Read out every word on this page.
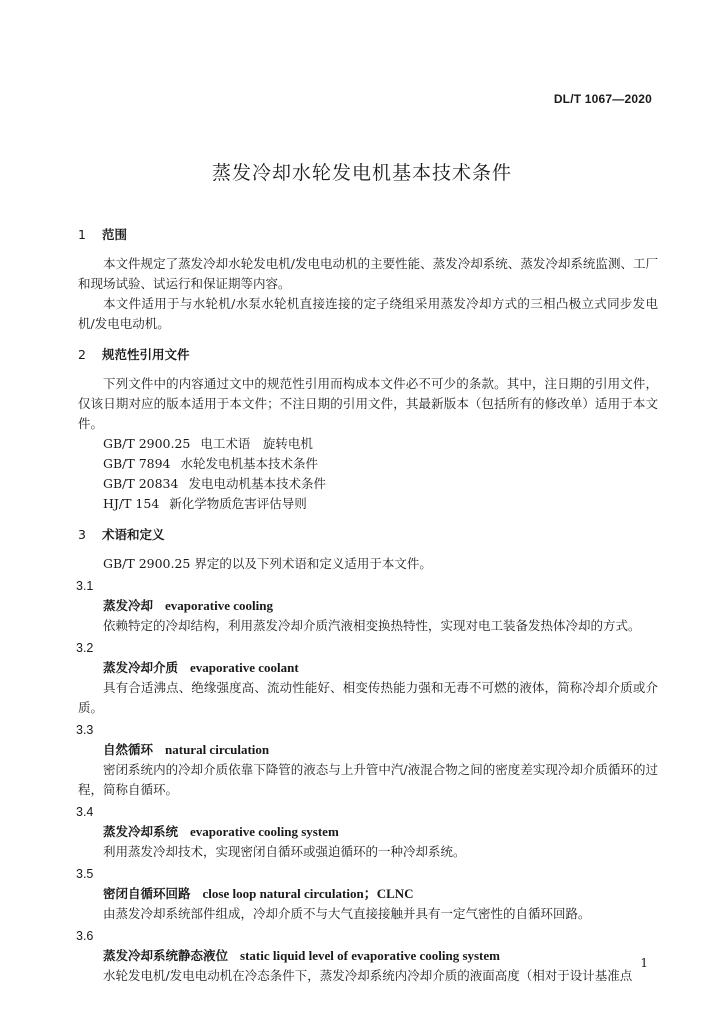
DL/T 1067—2020
蒸发冷却水轮发电机基本技术条件
1 范围

本文件规定了蒸发冷却水轮发电机/发电电动机的主要性能、蒸发冷却系统、蒸发冷却系统监测、工厂和现场试验、试运行和保证期等内容。

本文件适用于与水轮机/水泵水轮机直接连接的定子绕组采用蒸发冷却方式的三相凸极立式同步发电机/发电电动机。

2 规范性引用文件

下列文件中的内容通过文中的规范性引用而构成本文件必不可少的条款。其中，注日期的引用文件，仅该日期对应的版本适用于本文件；不注日期的引用文件，其最新版本（包括所有的修改单）适用于本文件。

GB/T 2900.25 电工术语　旋转电机

GB/T 7894 水轮发电机基本技术条件

GB/T 20834 发电电动机基本技术条件

HJ/T 154 新化学物质危害评估导则

3 术语和定义

GB/T 2900.25 界定的以及下列术语和定义适用于本文件。

3.1

蒸发冷却 evaporative cooling

依赖特定的冷却结构，利用蒸发冷却介质汽液相变换热特性，实现对电工装备发热体冷却的方式。

3.2

蒸发冷却介质 evaporative coolant

具有合适沸点、绝缘强度高、流动性能好、相变传热能力强和无毒不可燃的液体，简称冷却介质或介质。

3.3

自然循环 natural circulation

密闭系统内的冷却介质依靠下降管的液态与上升管中汽/液混合物之间的密度差实现冷却介质循环的过程，简称自循环。

3.4

蒸发冷却系统 evaporative cooling system

利用蒸发冷却技术，实现密闭自循环或强迫循环的一种冷却系统。

3.5

密闭自循环回路 close loop natural circulation；CLNC

由蒸发冷却系统部件组成，冷却介质不与大气直接接触并具有一定气密性的自循环回路。

3.6

蒸发冷却系统静态液位 static liquid level of evaporative cooling system

水轮发电机/发电电动机在冷态条件下，蒸发冷却系统内冷却介质的液面高度（相对于设计基准点

1
